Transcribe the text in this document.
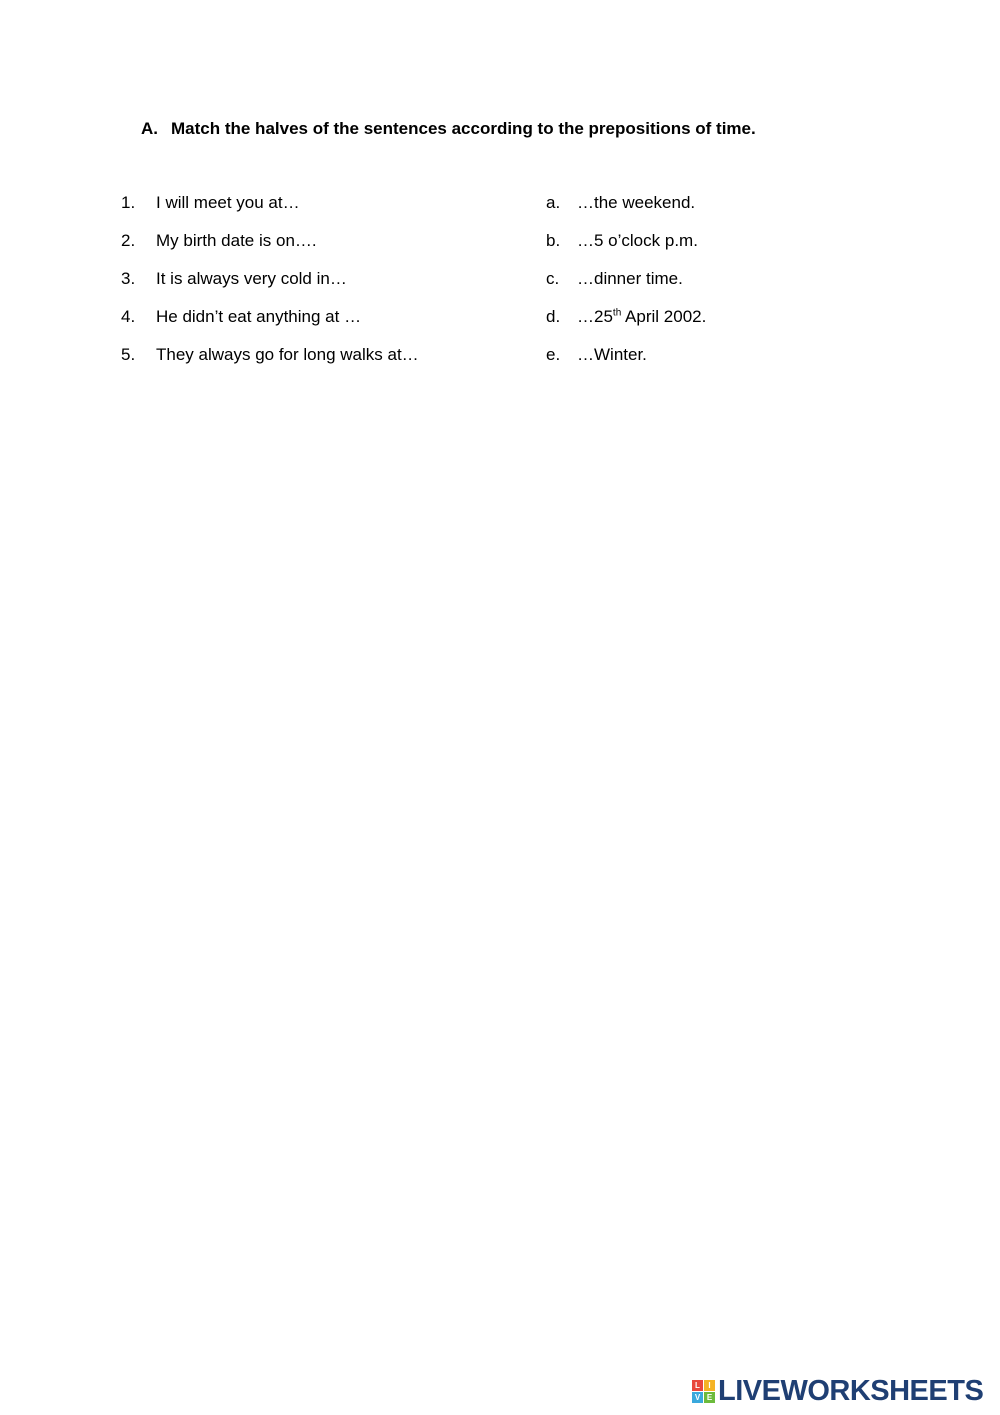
A. Match the halves of the sentences according to the prepositions of time.
1. I will meet you at…
2. My birth date is on….
3. It is always very cold in…
4. He didn’t eat anything at …
5. They always go for long walks at…
a. …the weekend.
b. …5 o’clock p.m.
c. …dinner time.
d. …25th April 2002.
e. …Winter.
L	I
V E LIVEWORKSHEETS
